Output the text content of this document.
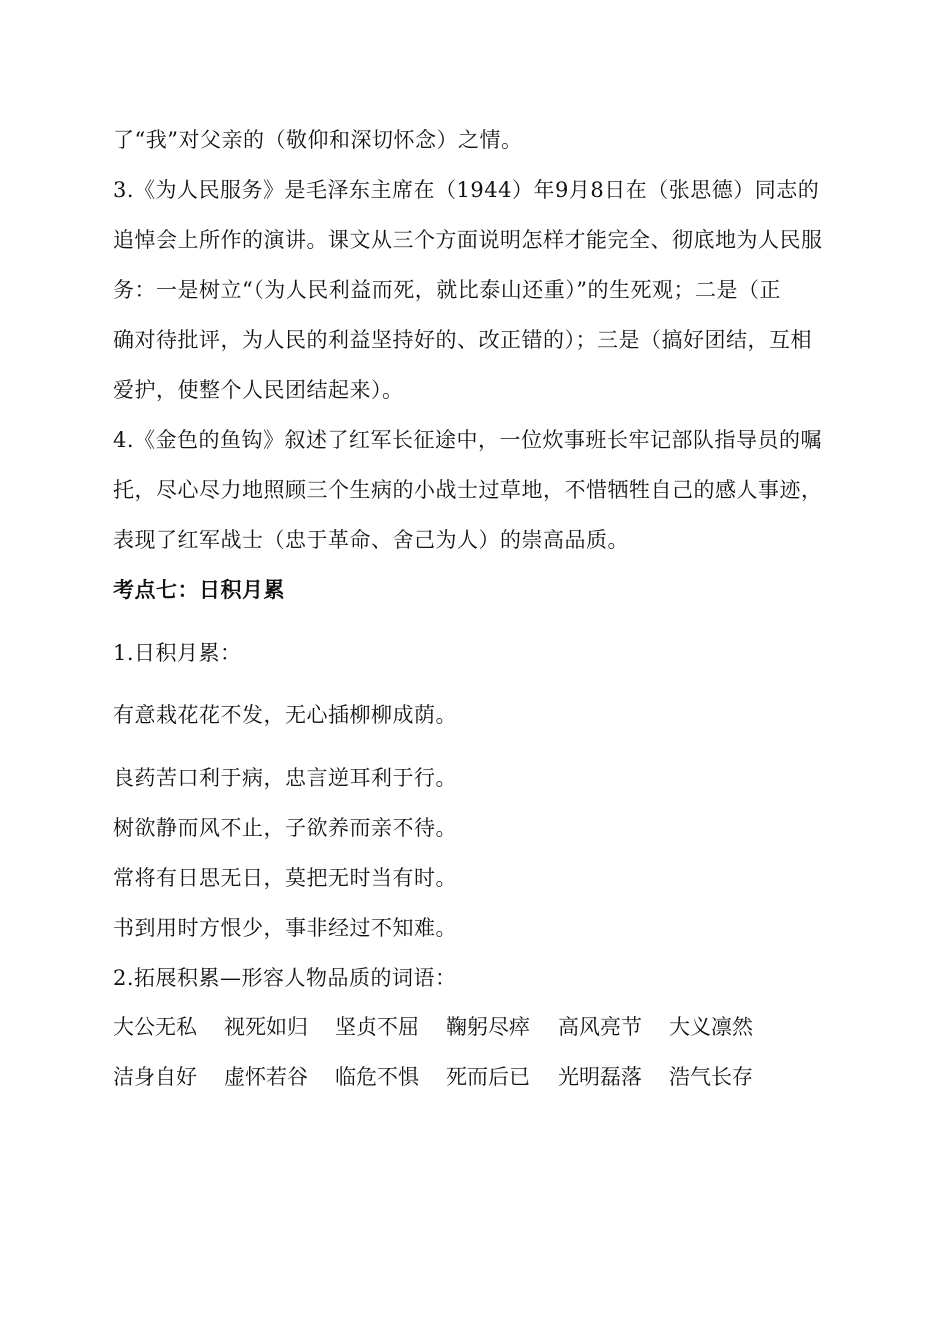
了“我”对父亲的（敬仰和深切怀念）之情。
3.《为人民服务》是毛泽东主席在（1944）年9月8日在（张思德）同志的
追悼会上所作的演讲。课文从三个方面说明怎样才能完全、彻底地为人民服
务：一是树立“（为人民利益而死，就比泰山还重）”的生死观；二是（正
确对待批评，为人民的利益坚持好的、改正错的）；三是（搞好团结，互相
爱护，使整个人民团结起来）。
4.《金色的鱼钩》叙述了红军长征途中，一位炊事班长牢记部队指导员的嘱
托，尽心尽力地照顾三个生病的小战士过草地，不惜牺牲自己的感人事迹，
表现了红军战士（忠于革命、舍己为人）的崇高品质。
考点七：日积月累
1.日积月累：
有意栽花花不发，无心插柳柳成荫。
良药苦口利于病，忠言逆耳利于行。
树欲静而风不止，子欲养而亲不待。
常将有日思无日，莫把无时当有时。
书到用时方恨少，事非经过不知难。
2.拓展积累—形容人物品质的词语：
大公无私 视死如归 坚贞不屈 鞠躬尽瘁 高风亮节 大义凛然
洁身自好 虚怀若谷 临危不惧 死而后已 光明磊落 浩气长存
